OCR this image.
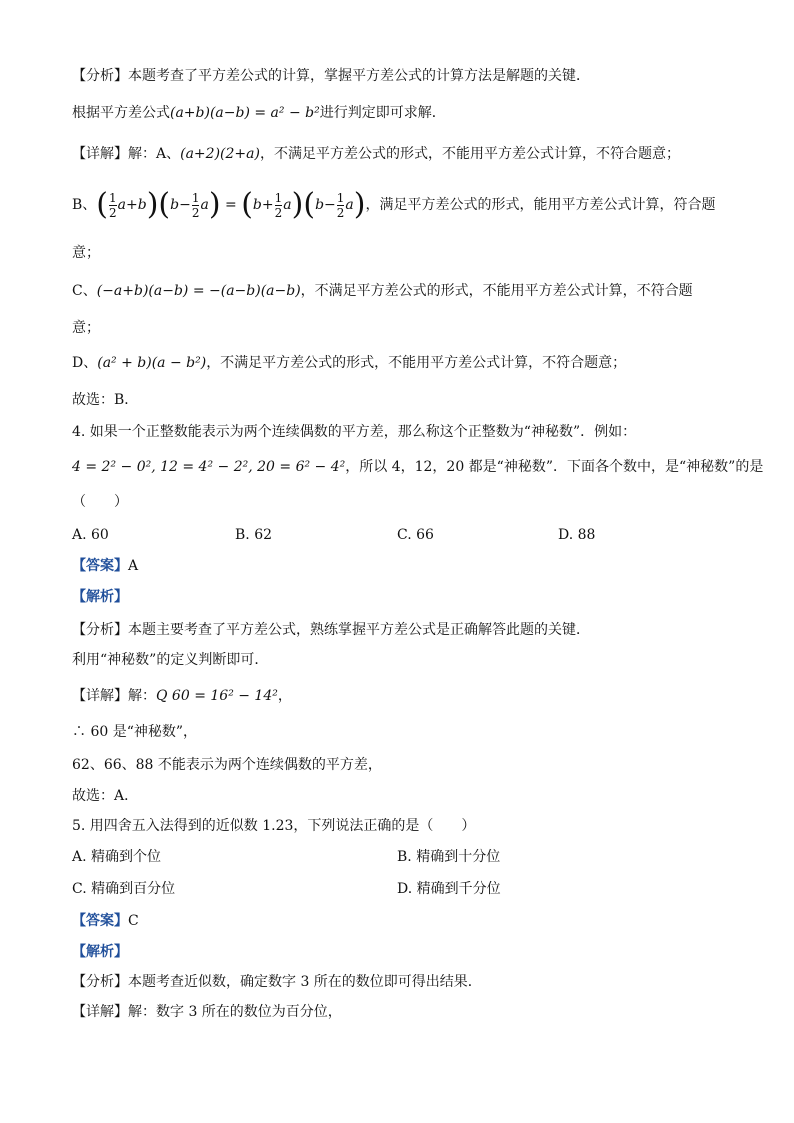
【分析】本题考查了平方差公式的计算，掌握平方差公式的计算方法是解题的关键．
根据平方差公式(a+b)(a−b) = a² − b²进行判定即可求解．
【详解】解：A、(a+2)(2+a)，不满足平方差公式的形式，不能用平方差公式计算，不符合题意；
B、( $\frac{1}{2} a+b)(b- \frac{1}{2} a) = (b+ \frac{1}{2} a)(b- \frac{1}{2} a)$，满足平方差公式的形式，能用平方差公式计算，符合题
意；
C、(−a+b)(a−b) = −(a−b)(a−b)，不满足平方差公式的形式，不能用平方差公式计算，不符合题
意；
D、(a² + b)(a − b²)，不满足平方差公式的形式，不能用平方差公式计算，不符合题意；
故选：B．
4. 如果一个正整数能表示为两个连续偶数的平方差，那么称这个正整数为“神秘数”．例如：
4 = 2² − 0², 12 = 4² − 2², 20 = 6² − 4²，所以 4，12，20 都是“神秘数”．下面各个数中，是“神秘数”的是
（　　）
A. 60	B. 62	C. 66	D. 88
【答案】A
【解析】
【分析】本题主要考查了平方差公式，熟练掌握平方差公式是正确解答此题的关键．
利用“神秘数”的定义判断即可．
【详解】解：Q 60 = 16² − 14²，
∴ 60 是“神秘数”，
62、66、88 不能表示为两个连续偶数的平方差，
故选：A．
5. 用四舍五入法得到的近似数 1.23，下列说法正确的是（　　）
A. 精确到个位	B. 精确到十分位
C. 精确到百分位	D. 精确到千分位
【答案】C
【解析】
【分析】本题考查近似数，确定数字 3 所在的数位即可得出结果．
【详解】解：数字 3 所在的数位为百分位，
